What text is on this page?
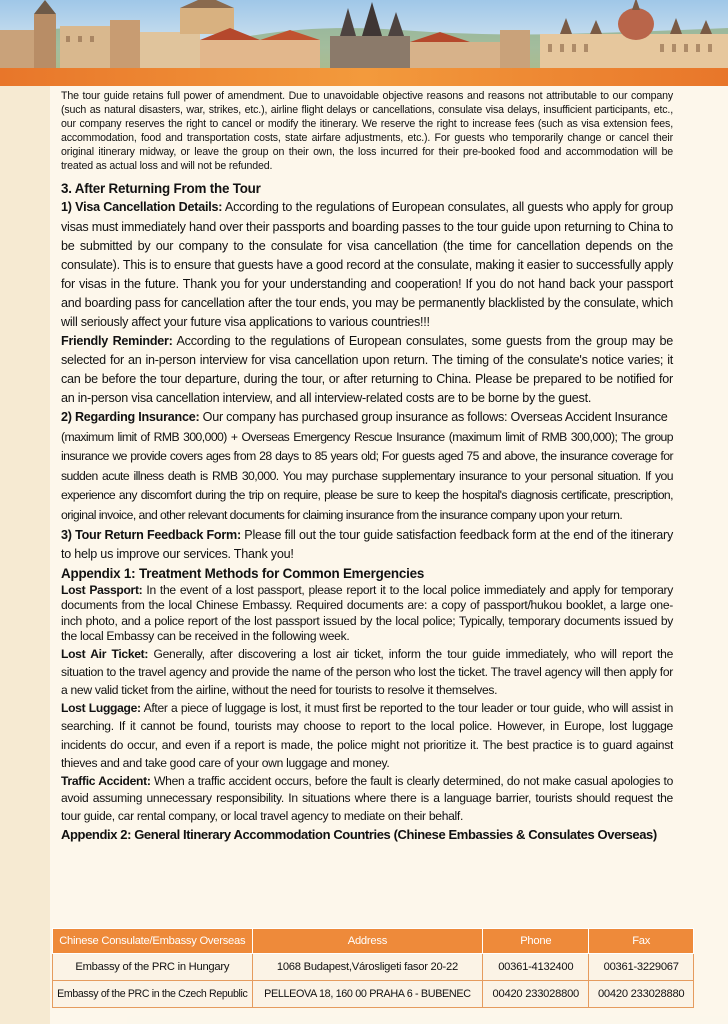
The tour guide retains full power of amendment. Due to unavoidable objective reasons and reasons not attributable to our company (such as natural disasters, war, strikes, etc.), airline flight delays or cancellations, consulate visa delays, insufficient participants, etc., our company reserves the right to cancel or modify the itinerary. We reserve the right to increase fees (such as visa extension fees, accommodation, food and transportation costs, state airfare adjustments, etc.). For guests who temporarily change or cancel their original itinerary midway, or leave the group on their own, the loss incurred for their pre-booked food and accommodation will be treated as actual loss and will not be refunded.

3. After Returning From the Tour

1) Visa Cancellation Details: According to the regulations of European consulates, all guests who apply for group visas must immediately hand over their passports and boarding passes to the tour guide upon returning to China to be submitted by our company to the consulate for visa cancellation (the time for cancellation depends on the consulate). This is to ensure that guests have a good record at the consulate, making it easier to successfully apply for visas in the future. Thank you for your understanding and cooperation! If you do not hand back your passport and boarding pass for cancellation after the tour ends, you may be permanently blacklisted by the consulate, which will seriously affect your future visa applications to various countries!!!

Friendly Reminder: According to the regulations of European consulates, some guests from the group may be selected for an in-person interview for visa cancellation upon return. The timing of the consulate's notice varies; it can be before the tour departure, during the tour, or after returning to China. Please be prepared to be notified for an in-person visa cancellation interview, and all interview-related costs are to be borne by the guest.

2) Regarding Insurance: Our company has purchased group insurance as follows: Overseas Accident Insurance

(maximum limit of RMB 300,000) + Overseas Emergency Rescue Insurance (maximum limit of RMB 300,000); The group insurance we provide covers ages from 28 days to 85 years old; For guests aged 75 and above, the insurance coverage for sudden acute illness death is RMB 30,000. You may purchase supplementary insurance to your personal situation. If you experience any discomfort during the trip on require, please be sure to keep the hospital's diagnosis certificate, prescription, original invoice, and other relevant documents for claiming insurance from the insurance company upon your return.

3) Tour Return Feedback Form: Please fill out the tour guide satisfaction feedback form at the end of the itinerary to help us improve our services. Thank you!

Appendix 1: Treatment Methods for Common Emergencies

Lost Passport: In the event of a lost passport, please report it to the local police immediately and apply for temporary documents from the local Chinese Embassy. Required documents are: a copy of passport/hukou booklet, a large one-inch photo, and a police report of the lost passport issued by the local police; Typically, temporary documents issued by the local Embassy can be received in the following week.

Lost Air Ticket: Generally, after discovering a lost air ticket, inform the tour guide immediately, who will report the situation to the travel agency and provide the name of the person who lost the ticket. The travel agency will then apply for a new valid ticket from the airline, without the need for tourists to resolve it themselves.

Lost Luggage: After a piece of luggage is lost, it must first be reported to the tour leader or tour guide, who will assist in searching. If it cannot be found, tourists may choose to report to the local police. However, in Europe, lost luggage incidents do occur, and even if a report is made, the police might not prioritize it. The best practice is to guard against thieves and and take good care of your own luggage and money.

Traffic Accident: When a traffic accident occurs, before the fault is clearly determined, do not make casual apologies to avoid assuming unnecessary responsibility. In situations where there is a language barrier, tourists should request the tour guide, car rental company, or local travel agency to mediate on their behalf.

Appendix 2: General Itinerary Accommodation Countries (Chinese Embassies & Consulates Overseas)

Chinese Consulate/Embassy Overseas	Address	Phone	Fax
Embassy of the PRC in Hungary	1068 Budapest,Városligeti fasor 20-22	00361-4132400	00361-3229067
Embassy of the PRC in the Czech Republic	PELLEOVA 18, 160 00 PRAHA 6 - BUBENEC	00420 233028800	00420 233028880
